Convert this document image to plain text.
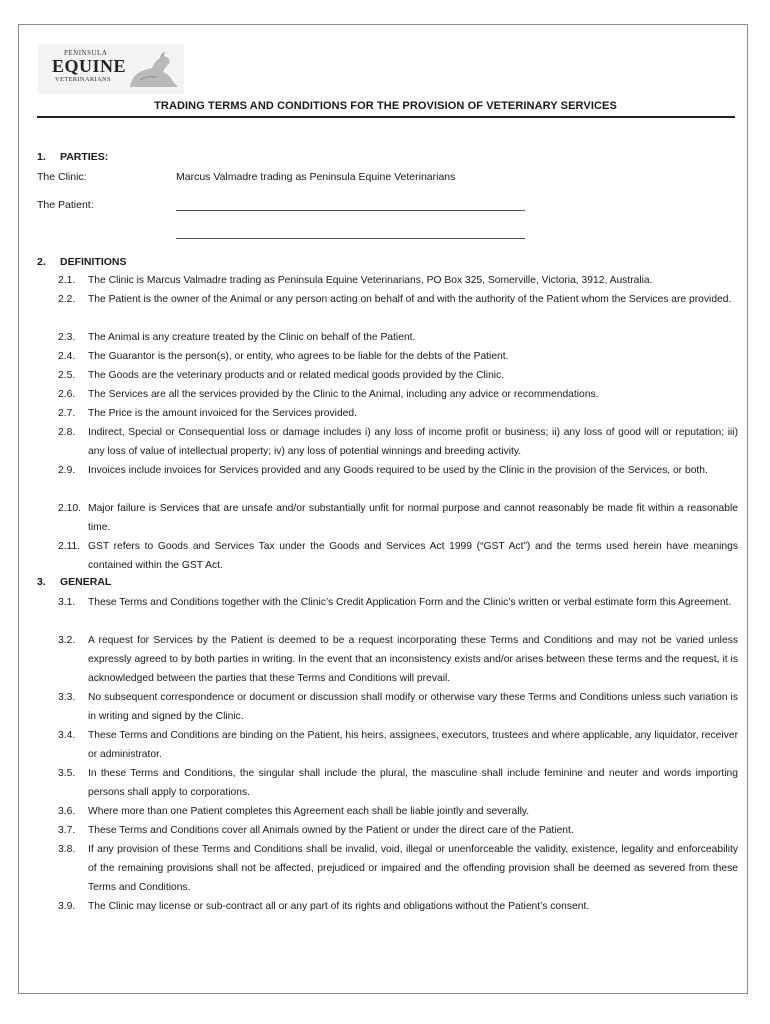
PENINSULA
EQUINE
VETERINARIANS
TRADING TERMS AND CONDITIONS FOR THE PROVISION OF VETERINARY SERVICES
1. PARTIES:
The Clinic:	Marcus Valmadre trading as Peninsula Equine Veterinarians
The Patient:
2. DEFINITIONS
2.1. The Clinic is Marcus Valmadre trading as Peninsula Equine Veterinarians, PO Box 325, Somerville, Victoria, 3912, Australia.
2.2. The Patient is the owner of the Animal or any person acting on behalf of and with the authority of the Patient whom the Services are provided.
2.3. The Animal is any creature treated by the Clinic on behalf of the Patient.
2.4. The Guarantor is the person(s), or entity, who agrees to be liable for the debts of the Patient.
2.5. The Goods are the veterinary products and or related medical goods provided by the Clinic.
2.6. The Services are all the services provided by the Clinic to the Animal, including any advice or recommendations.
2.7. The Price is the amount invoiced for the Services provided.
2.8. Indirect, Special or Consequential loss or damage includes i) any loss of income profit or business; ii) any loss of good will or reputation; iii) any loss of value of intellectual property; iv) any loss of potential winnings and breeding activity.
2.9. Invoices include invoices for Services provided and any Goods required to be used by the Clinic in the provision of the Services, or both.
2.10. Major failure is Services that are unsafe and/or substantially unfit for normal purpose and cannot reasonably be made fit within a reasonable time.
2.11. GST refers to Goods and Services Tax under the Goods and Services Act 1999 (“GST Act”) and the terms used herein have meanings contained within the GST Act.
3. GENERAL
3.1. These Terms and Conditions together with the Clinic’s Credit Application Form and the Clinic’s written or verbal estimate form this Agreement.
3.2. A request for Services by the Patient is deemed to be a request incorporating these Terms and Conditions and may not be varied unless expressly agreed to by both parties in writing. In the event that an inconsistency exists and/or arises between these terms and the request, it is acknowledged between the parties that these Terms and Conditions will prevail.
3.3. No subsequent correspondence or document or discussion shall modify or otherwise vary these Terms and Conditions unless such variation is in writing and signed by the Clinic.
3.4. These Terms and Conditions are binding on the Patient, his heirs, assignees, executors, trustees and where applicable, any liquidator, receiver or administrator.
3.5. In these Terms and Conditions, the singular shall include the plural, the masculine shall include feminine and neuter and words importing persons shall apply to corporations.
3.6. Where more than one Patient completes this Agreement each shall be liable jointly and severally.
3.7. These Terms and Conditions cover all Animals owned by the Patient or under the direct care of the Patient.
3.8. If any provision of these Terms and Conditions shall be invalid, void, illegal or unenforceable the validity, existence, legality and enforceability of the remaining provisions shall not be affected, prejudiced or impaired and the offending provision shall be deemed as severed from these Terms and Conditions.
3.9. The Clinic may license or sub-contract all or any part of its rights and obligations without the Patient’s consent.
